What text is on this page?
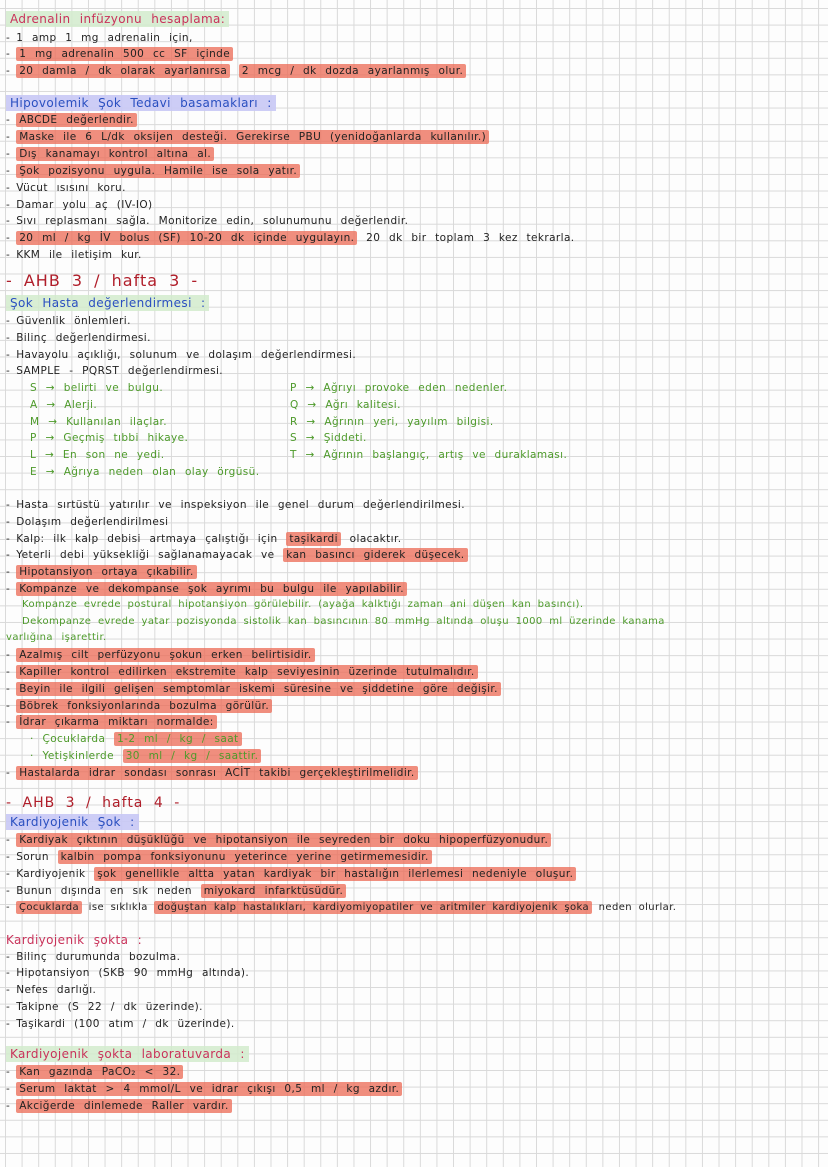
Adrenalin infüzyonu hesaplama:
- 1 amp 1 mg adrenalin için,
- 1 mg adrenalin 500 cc SF içinde
- 20 damla / dk olarak ayarlanırsa 2 mcg / dk dozda ayarlanmış olur.
Hipovolemik Şok Tedavi basamakları :
- ABCDE değerlendir.
- Maske ile 6 L/dk oksijen desteği. Gerekirse PBU (yenidoğanlarda kullanılır.)
- Dış kanamayı kontrol altına al.
- Şok pozisyonu uygula. Hamile ise sola yatır.
- Vücut ısısını koru.
- Damar yolu aç (IV-IO)
- Sıvı replasmanı sağla. Monitorize edin, solunumunu değerlendir.
- 20 ml / kg İV bolus (SF) 10-20 dk içinde uygulayın. 20 dk bir toplam 3 kez tekrarla.
- KKM ile iletişim kur.
- AHB 3 / hafta 3 -
Şok Hasta değerlendirmesi :
- Güvenlik önlemleri.
- Bilinç değerlendirmesi.
- Havayolu açıklığı, solunum ve dolaşım değerlendirmesi.
- SAMPLE - PQRST değerlendirmesi.
S → belirti ve bulgu.
A → Alerji.
M → Kullanılan ilaçlar.
P → Geçmiş tıbbi hikaye.
L → En son ne yedi.
E → Ağrıya neden olan olay örgüsü.
P → Ağrıyı provoke eden nedenler.
Q → Ağrı kalitesi.
R → Ağrının yeri, yayılım bilgisi.
S → Şiddeti.
T → Ağrının başlangıç, artış ve duraklaması.
- Hasta sırtüstü yatırılır ve inspeksiyon ile genel durum değerlendirilmesi.
- Dolaşım değerlendirilmesi
- Kalp: ilk kalp debisi artmaya çalıştığı için taşikardi olacaktır.
- Yeterli debi yüksekliği sağlanamayacak ve kan basıncı giderek düşecek.
- Hipotansiyon ortaya çıkabilir.
- Kompanze ve dekompanse şok ayrımı bu bulgu ile yapılabilir.
Kompanze evrede postural hipotansiyon görülebilir. (ayağa kalktığı zaman ani düşen kan basıncı).
Dekompanze evrede yatar pozisyonda sistolik kan basıncının 80 mmHg altında oluşu 1000 ml üzerinde kanama
varlığına işarettir.
- Azalmış cilt perfüzyonu şokun erken belirtisidir.
- Kapiller kontrol edilirken ekstremite kalp seviyesinin üzerinde tutulmalıdır.
- Beyin ile ilgili gelişen semptomlar iskemi süresine ve şiddetine göre değişir.
- Böbrek fonksiyonlarında bozulma görülür.
- İdrar çıkarma miktarı normalde:
· Çocuklarda 1-2 ml / kg / saat
· Yetişkinlerde 30 ml / kg / saattir.
- Hastalarda idrar sondası sonrası ACİT takibi gerçekleştirilmelidir.
- AHB 3 / hafta 4 -
Kardiyojenik Şok :
- Kardiyak çıktının düşüklüğü ve hipotansiyon ile seyreden bir doku hipoperfüzyonudur.
- Sorun kalbin pompa fonksiyonunu yeterince yerine getirmemesidir.
- Kardiyojenik şok genellikle altta yatan kardiyak bir hastalığın ilerlemesi nedeniyle oluşur.
- Bunun dışında en sık neden miyokard infarktüsüdür.
- Çocuklarda ise sıklıkla doğuştan kalp hastalıkları, kardiyomiyopatiler ve aritmiler kardiyojenik şoka neden olurlar.
Kardiyojenik şokta :
- Bilinç durumunda bozulma.
- Hipotansiyon (SKB 90 mmHg altında).
- Nefes darlığı.
- Takipne (S 22 / dk üzerinde).
- Taşikardi (100 atım / dk üzerinde).
Kardiyojenik şokta laboratuvarda :
- Kan gazında PaCO₂ < 32.
- Serum laktat > 4 mmol/L ve idrar çıkışı 0,5 ml / kg azdır.
- Akciğerde dinlemede Raller vardır.
